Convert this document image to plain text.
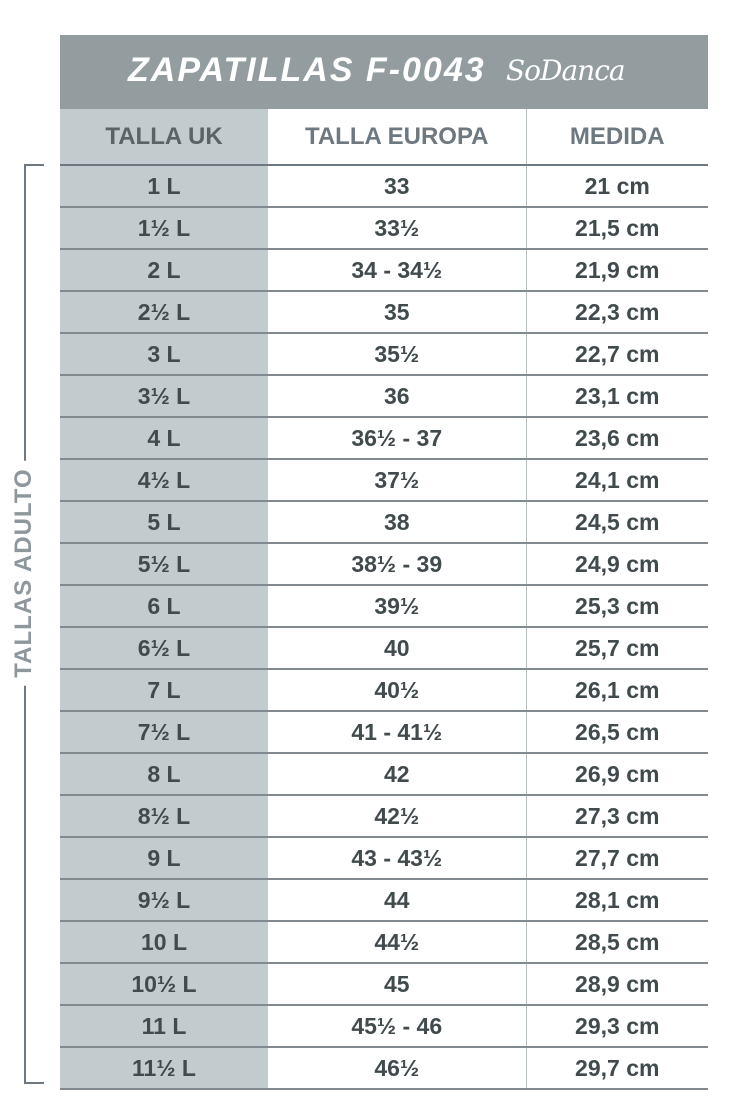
ZAPATILLAS F-0043 SoDanca
TALLAS ADULTO
TALLA UK	TALLA EUROPA	MEDIDA
1 L	33	21 cm
1½ L	33½	21,5 cm
2 L	34 - 34½	21,9 cm
2½ L	35	22,3 cm
3 L	35½	22,7 cm
3½ L	36	23,1 cm
4 L	36½ - 37	23,6 cm
4½ L	37½	24,1 cm
5 L	38	24,5 cm
5½ L	38½ - 39	24,9 cm
6 L	39½	25,3 cm
6½ L	40	25,7 cm
7 L	40½	26,1 cm
7½ L	41 - 41½	26,5 cm
8 L	42	26,9 cm
8½ L	42½	27,3 cm
9 L	43 - 43½	27,7 cm
9½ L	44	28,1 cm
10 L	44½	28,5 cm
10½ L	45	28,9 cm
11 L	45½ - 46	29,3 cm
11½ L	46½	29,7 cm
